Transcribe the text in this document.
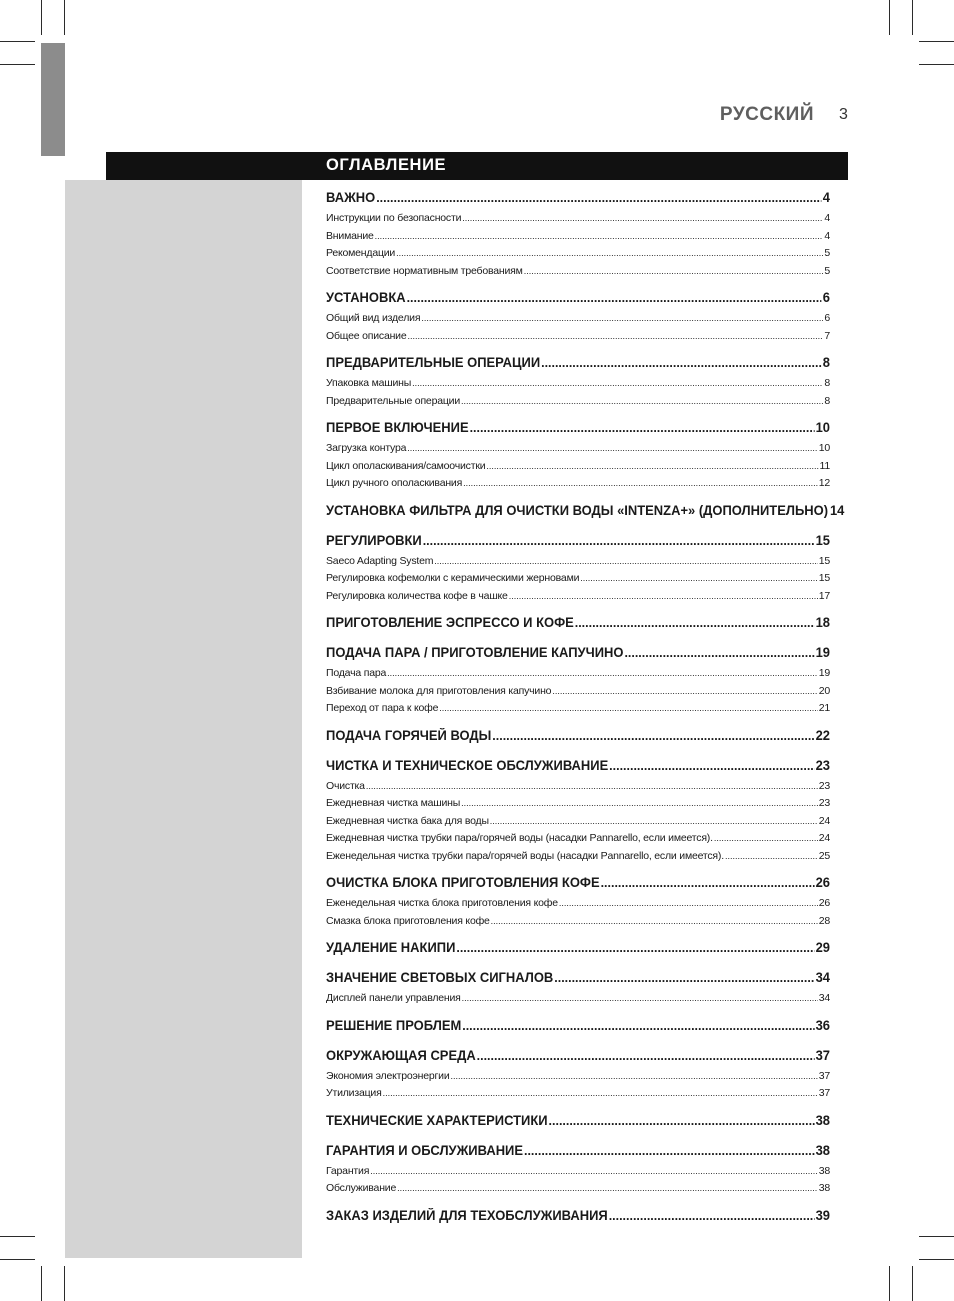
РУССКИЙ 3
ОГЛАВЛЕНИЕ
ВАЖНО .....	4
Инструкции по безопасности .....	4
Внимание .....	4
Рекомендации .....	5
Соответствие нормативным требованиям .....	5
УСТАНОВКА .....	6
Общий вид изделия .....	6
Общее описание .....	7
ПРЕДВАРИТЕЛЬНЫЕ ОПЕРАЦИИ .....	8
Упаковка машины .....	8
Предварительные операции .....	8
ПЕРВОЕ ВКЛЮЧЕНИЕ .....	10
Загрузка контура .....	10
Цикл ополаскивания/самоочистки .....	11
Цикл ручного ополаскивания .....	12
УСТАНОВКА ФИЛЬТРА ДЛЯ ОЧИСТКИ ВОДЫ «INTENZA+» (ДОПОЛНИТЕЛЬНО) 14
РЕГУЛИРОВКИ .....	15
Saeco Adapting System .....	15
Регулировка кофемолки с керамическими жерновами .....	15
Регулировка количества кофе в чашке .....	17
ПРИГОТОВЛЕНИЕ ЭСПРЕССО И КОФЕ .....	18
ПОДАЧА ПАРА / ПРИГОТОВЛЕНИЕ КАПУЧИНО .....	19
Подача пара .....	19
Взбивание молока для приготовления капучино .....	20
Переход от пара к кофе .....	21
ПОДАЧА ГОРЯЧЕЙ ВОДЫ .....	22
ЧИСТКА И ТЕХНИЧЕСКОЕ ОБСЛУЖИВАНИЕ .....	23
Очистка .....	23
Ежедневная чистка машины .....	23
Ежедневная чистка бака для воды .....	24
Ежедневная чистка трубки пара/горячей воды (насадки Pannarello, если имеется). .....	24
Еженедельная чистка трубки пара/горячей воды (насадки Pannarello, если имеется). .....	25
ОЧИСТКА БЛОКА ПРИГОТОВЛЕНИЯ КОФЕ .....	26
Еженедельная чистка блока приготовления кофе .....	26
Смазка блока приготовления кофе .....	28
УДАЛЕНИЕ НАКИПИ .....	29
ЗНАЧЕНИЕ СВЕТОВЫХ СИГНАЛОВ .....	34
Дисплей панели управления .....	34
РЕШЕНИЕ ПРОБЛЕМ .....	36
ОКРУЖАЮЩАЯ СРЕДА .....	37
Экономия электроэнергии .....	37
Утилизация .....	37
ТЕХНИЧЕСКИЕ ХАРАКТЕРИСТИКИ .....	38
ГАРАНТИЯ И ОБСЛУЖИВАНИЕ .....	38
Гарантия .....	38
Обслуживание .....	38
ЗАКАЗ ИЗДЕЛИЙ ДЛЯ ТЕХОБСЛУЖИВАНИЯ .....	39
